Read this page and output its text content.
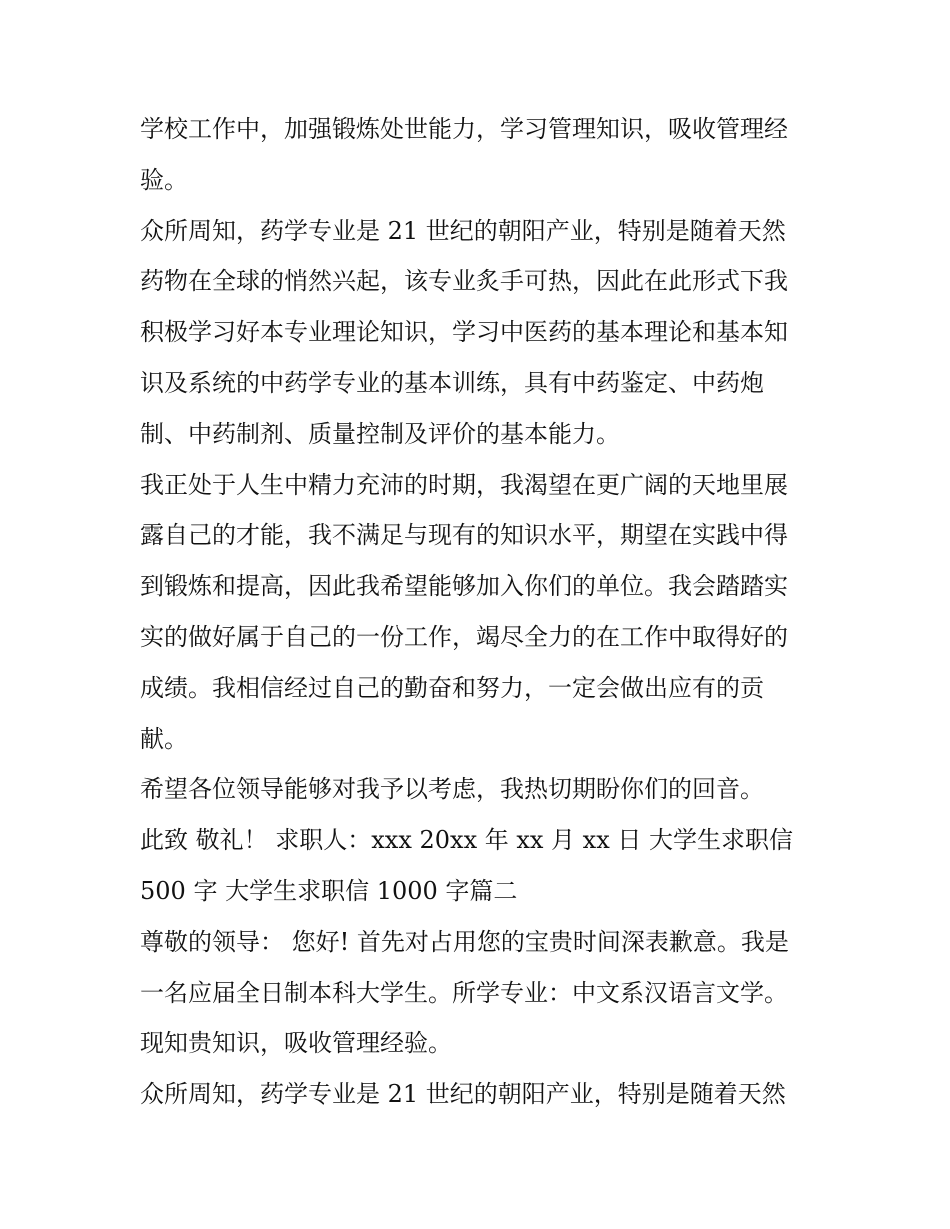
学校工作中，加强锻炼处世能力，学习管理知识，吸收管理经

验。

众所周知，药学专业是 21 世纪的朝阳产业，特别是随着天然

药物在全球的悄然兴起，该专业炙手可热，因此在此形式下我

积极学习好本专业理论知识，学习中医药的基本理论和基本知

识及系统的中药学专业的基本训练，具有中药鉴定、中药炮

制、中药制剂、质量控制及评价的基本能力。

我正处于人生中精力充沛的时期，我渴望在更广阔的天地里展

露自己的才能，我不满足与现有的知识水平，期望在实践中得

到锻炼和提高，因此我希望能够加入你们的单位。我会踏踏实

实的做好属于自己的一份工作，竭尽全力的在工作中取得好的

成绩。我相信经过自己的勤奋和努力，一定会做出应有的贡

献。

希望各位领导能够对我予以考虑，我热切期盼你们的回音。

此致 敬礼！ 求职人：xxx 20xx 年 xx 月 xx 日 大学生求职信

500 字 大学生求职信 1000 字篇二

尊敬的领导： 您好! 首先对占用您的宝贵时间深表歉意。我是

一名应届全日制本科大学生。所学专业：中文系汉语言文学。

现知贵知识，吸收管理经验。

众所周知，药学专业是 21 世纪的朝阳产业，特别是随着天然
